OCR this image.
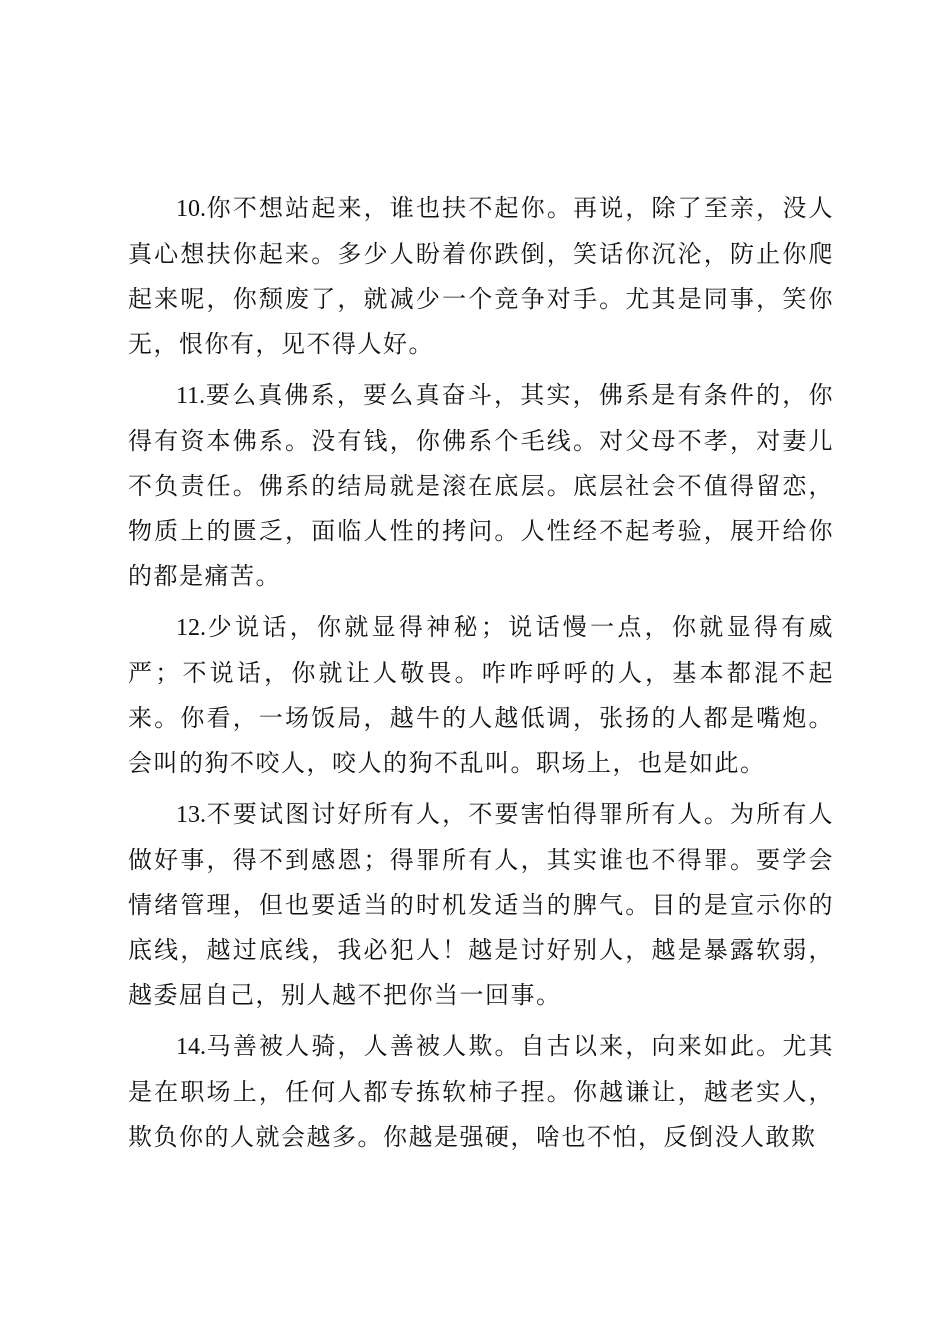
10.你不想站起来，谁也扶不起你。再说，除了至亲，没人真心想扶你起来。多少人盼着你跌倒，笑话你沉沦，防止你爬起来呢，你颓废了，就减少一个竞争对手。尤其是同事，笑你无，恨你有，见不得人好。

11.要么真佛系，要么真奋斗，其实，佛系是有条件的，你得有资本佛系。没有钱，你佛系个毛线。对父母不孝，对妻儿不负责任。佛系的结局就是滚在底层。底层社会不值得留恋，物质上的匮乏，面临人性的拷问。人性经不起考验，展开给你的都是痛苦。

12.少说话，你就显得神秘；说话慢一点，你就显得有威严；不说话，你就让人敬畏。咋咋呼呼的人，基本都混不起来。你看，一场饭局，越牛的人越低调，张扬的人都是嘴炮。会叫的狗不咬人，咬人的狗不乱叫。职场上，也是如此。

13.不要试图讨好所有人，不要害怕得罪所有人。为所有人做好事，得不到感恩；得罪所有人，其实谁也不得罪。要学会情绪管理，但也要适当的时机发适当的脾气。目的是宣示你的底线，越过底线，我必犯人！越是讨好别人，越是暴露软弱，越委屈自己，别人越不把你当一回事。

14.马善被人骑，人善被人欺。自古以来，向来如此。尤其是在职场上，任何人都专拣软柿子捏。你越谦让，越老实人，欺负你的人就会越多。你越是强硬，啥也不怕，反倒没人敢欺
